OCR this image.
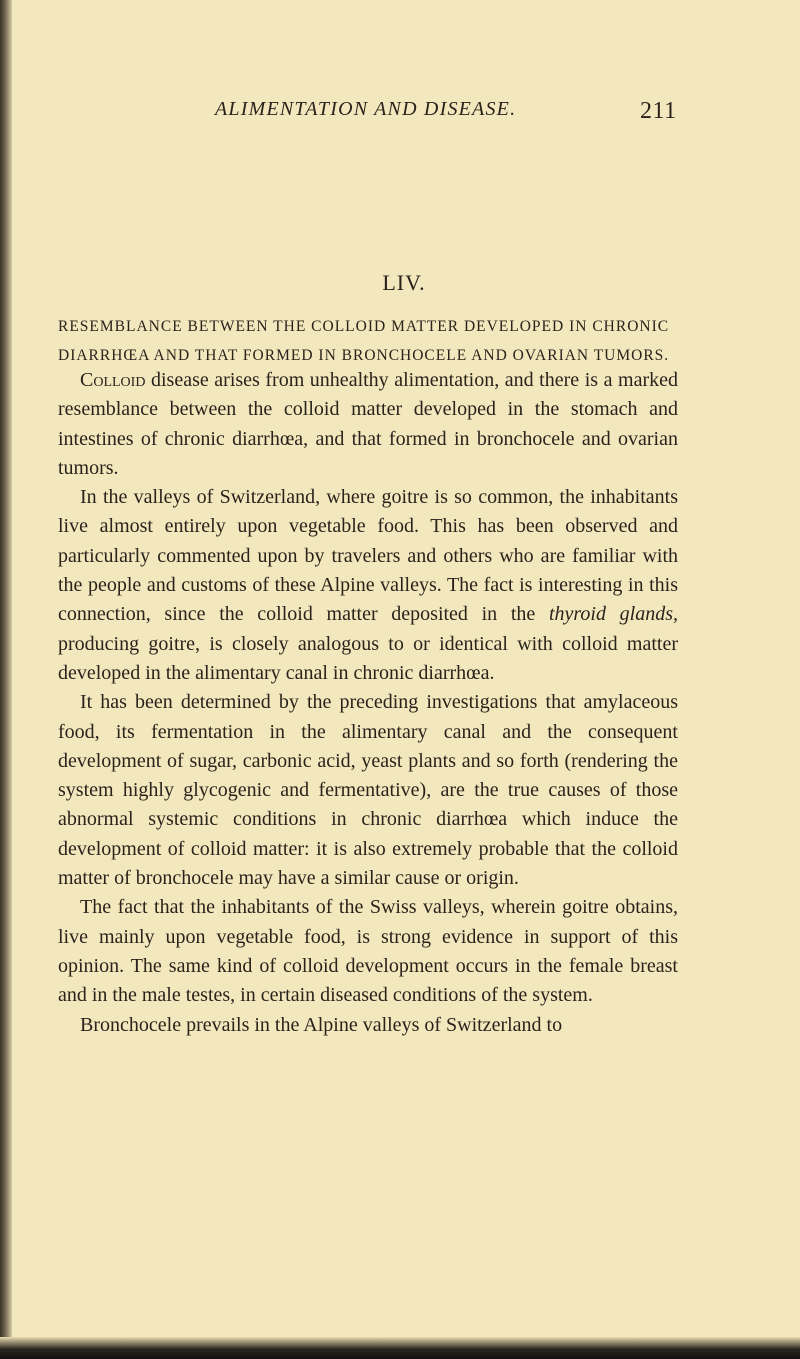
ALIMENTATION AND DISEASE.	211
LIV.
RESEMBLANCE BETWEEN THE COLLOID MATTER DEVELOPED IN CHRONIC DIARRHŒA AND THAT FORMED IN BRONCHOCELE AND OVARIAN TUMORS.

Colloid disease arises from unhealthy alimentation, and there is a marked resemblance between the colloid matter developed in the stomach and intestines of chronic diarrhœa, and that formed in bronchocele and ovarian tumors.

In the valleys of Switzerland, where goitre is so common, the inhabitants live almost entirely upon vegetable food. This has been observed and particularly commented upon by travelers and others who are familiar with the people and customs of these Alpine valleys. The fact is interesting in this connection, since the colloid matter deposited in the thyroid glands, producing goitre, is closely analogous to or identical with colloid matter developed in the alimentary canal in chronic diarrhœa.

It has been determined by the preceding investigations that amylaceous food, its fermentation in the alimentary canal and the consequent development of sugar, carbonic acid, yeast plants and so forth (rendering the system highly glycogenic and fermentative), are the true causes of those abnormal systemic conditions in chronic diarrhœa which induce the development of colloid matter: it is also extremely probable that the colloid matter of bronchocele may have a similar cause or origin.

The fact that the inhabitants of the Swiss valleys, wherein goitre obtains, live mainly upon vegetable food, is strong evidence in support of this opinion. The same kind of colloid development occurs in the female breast and in the male testes, in certain diseased conditions of the system.

Bronchocele prevails in the Alpine valleys of Switzerland to
